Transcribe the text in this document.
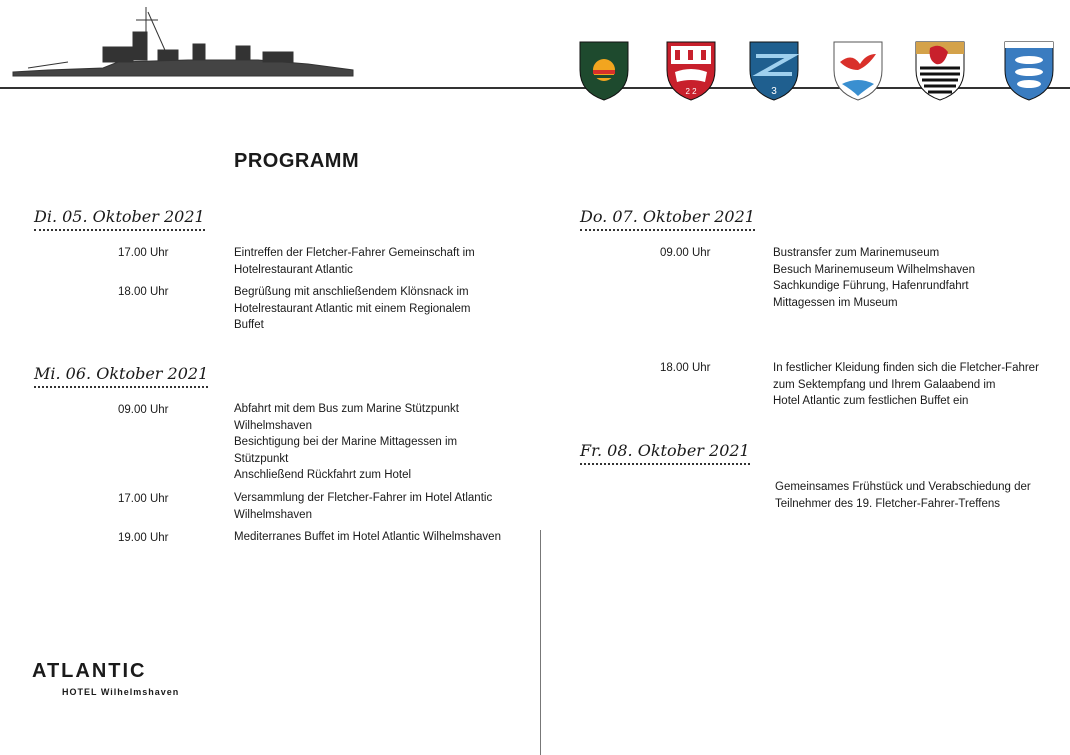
2 2	3
PROGRAMM
Di. 05. Oktober 2021
17.00 Uhr	Eintreffen der Fletcher-Fahrer Gemeinschaft im
Hotelrestaurant Atlantic
18.00 Uhr	Begrüßung mit anschließendem Klönsnack im
Hotelrestaurant Atlantic mit einem Regionalem
Buffet
Mi. 06. Oktober 2021
09.00 Uhr	Abfahrt mit dem Bus zum Marine Stützpunkt
Wilhelmshaven
Besichtigung bei der Marine Mittagessen im
Stützpunkt
Anschließend Rückfahrt zum Hotel
17.00 Uhr	Versammlung der Fletcher-Fahrer im Hotel Atlantic
Wilhelmshaven
19.00 Uhr	Mediterranes Buffet im Hotel Atlantic Wilhelmshaven
Do. 07. Oktober 2021
09.00 Uhr	Bustransfer zum Marinemuseum
Besuch Marinemuseum Wilhelmshaven
Sachkundige Führung, Hafenrundfahrt
Mittagessen im Museum
18.00 Uhr	In festlicher Kleidung finden sich die Fletcher-Fahrer
zum Sektempfang und Ihrem Galaabend im
Hotel Atlantic zum festlichen Buffet ein
Fr. 08. Oktober 2021
Gemeinsames Frühstück und Verabschiedung der
Teilnehmer des 19. Fletcher-Fahrer-Treffens
ATLANTIC
HOTEL Wilhelmshaven
